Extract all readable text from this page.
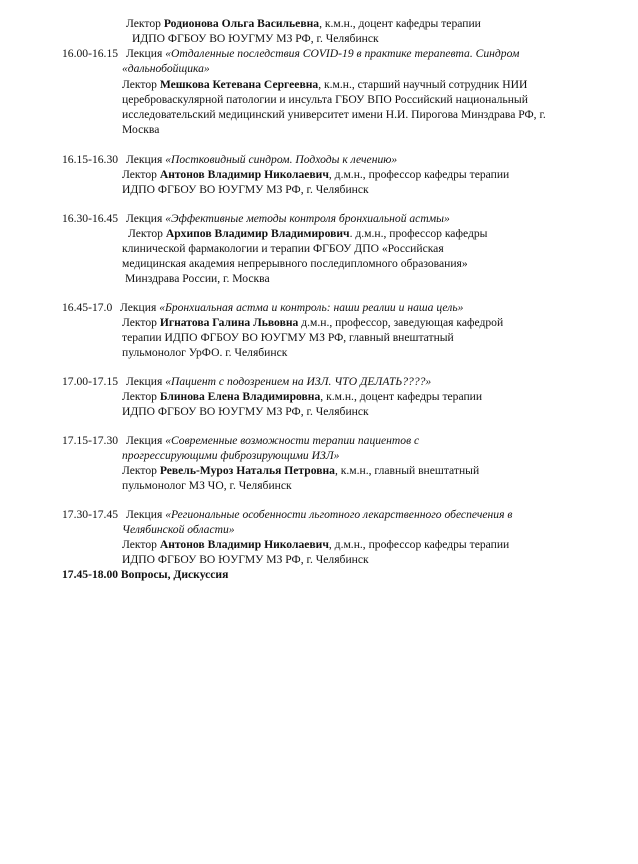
Лектор Родионова Ольга Васильевна, к.м.н., доцент кафедры терапии
ИДПО ФГБОУ ВО ЮУГМУ МЗ РФ, г. Челябинск
16.00-16.15 Лекция «Отдаленные последствия COVID-19 в практике терапевта. Синдром
«дальнобойщика»
Лектор Мешкова Кетевана Сергеевна, к.м.н., старший научный сотрудник НИИ
цереброваскулярной патологии и инсульта ГБОУ ВПО Российский национальный
исследовательский медицинский университет имени Н.И. Пирогова Минздрава РФ, г.
Москва
16.15-16.30 Лекция «Постковидный синдром. Подходы к лечению»
Лектор Антонов Владимир Николаевич, д.м.н., профессор кафедры терапии
ИДПО ФГБОУ ВО ЮУГМУ МЗ РФ, г. Челябинск
16.30-16.45 Лекция «Эффективные методы контроля бронхиальной астмы»
Лектор Архипов Владимир Владимирович. д.м.н., профессор кафедры
клинической фармакологии и терапии ФГБОУ ДПО «Российская
медицинская академия непрерывного последипломного образования»
Минздрава России, г. Москва
16.45-17.0 Лекция «Бронхиальная астма и контроль: наши реалии и наша цель»
Лектор Игнатова Галина Львовна д.м.н., профессор, заведующая кафедрой
терапии ИДПО ФГБОУ ВО ЮУГМУ МЗ РФ, главный внештатный
пульмонолог УрФО. г. Челябинск
17.00-17.15 Лекция «Пациент с подозрением на ИЗЛ. ЧТО ДЕЛАТЬ????»
Лектор Блинова Елена Владимировна, к.м.н., доцент кафедры терапии
ИДПО ФГБОУ ВО ЮУГМУ МЗ РФ, г. Челябинск
17.15-17.30 Лекция «Современные возможности терапии пациентов с
прогрессирующими фиброзирующими ИЗЛ»
Лектор Ревель-Муроз Наталья Петровна, к.м.н., главный внештатный
пульмонолог МЗ ЧО, г. Челябинск
17.30-17.45 Лекция «Региональные особенности льготного лекарственного обеспечения в
Челябинской области»
Лектор Антонов Владимир Николаевич, д.м.н., профессор кафедры терапии
ИДПО ФГБОУ ВО ЮУГМУ МЗ РФ, г. Челябинск
17.45-18.00 Вопросы, Дискуссия
